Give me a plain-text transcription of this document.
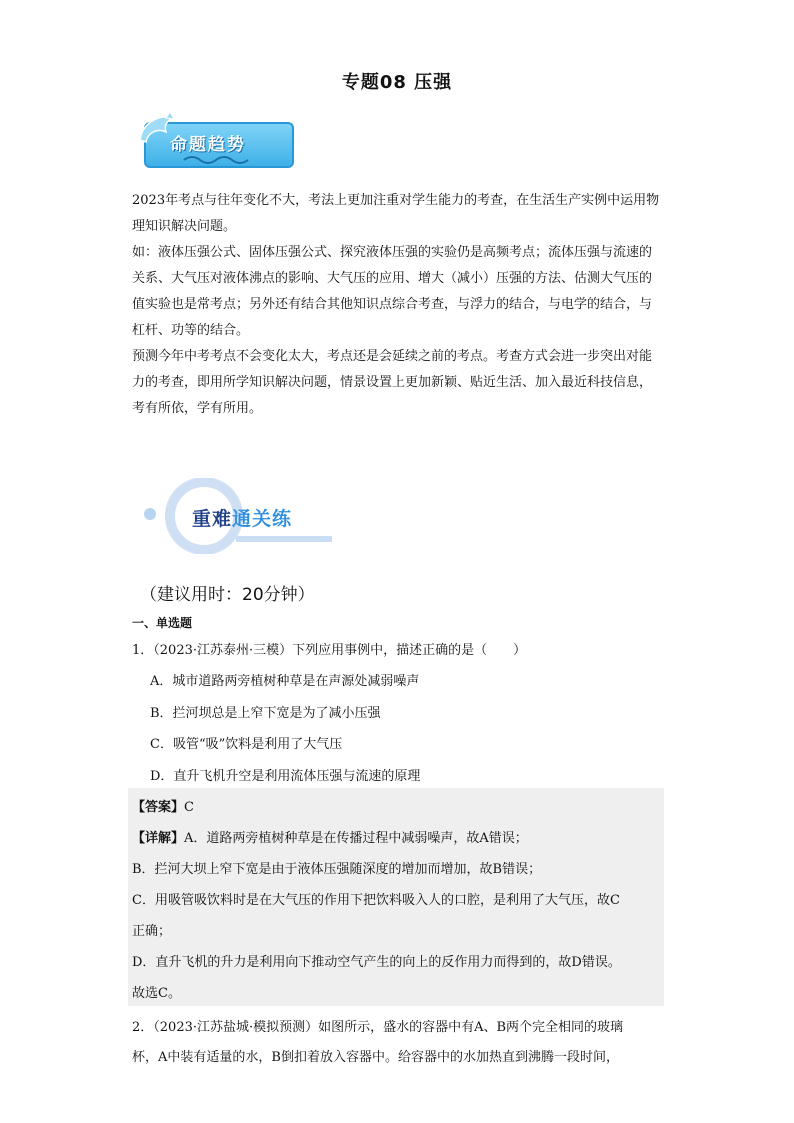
专题08 压强
命题趋势

2023年考点与往年变化不大，考法上更加注重对学生能力的考查，在生活生产实例中运用物理知识解决问题。

如：液体压强公式、固体压强公式、探究液体压强的实验仍是高频考点；流体压强与流速的关系、大气压对液体沸点的影响、大气压的应用、增大（减小）压强的方法、估测大气压的值实验也是常考点；另外还有结合其他知识点综合考查，与浮力的结合，与电学的结合，与杠杆、功等的结合。

预测今年中考考点不会变化太大，考点还是会延续之前的考点。考查方式会进一步突出对能力的考查，即用所学知识解决问题，情景设置上更加新颖、贴近生活、加入最近科技信息，考有所依，学有所用。

重难通关练
（建议用时：20分钟）
一、单选题
1．（2023·江苏泰州·三模）下列应用事例中，描述正确的是（　　）
A．城市道路两旁植树种草是在声源处减弱噪声
B．拦河坝总是上窄下宽是为了减小压强
C．吸管“吸”饮料是利用了大气压
D．直升飞机升空是利用流体压强与流速的原理
【答案】C
【详解】A．道路两旁植树种草是在传播过程中减弱噪声，故A错误；
B．拦河大坝上窄下宽是由于液体压强随深度的增加而增加，故B错误；
C．用吸管吸饮料时是在大气压的作用下把饮料吸入人的口腔，是利用了大气压，故C
正确；
D．直升飞机的升力是利用向下推动空气产生的向上的反作用力而得到的，故D错误。
故选C。
2．（2023·江苏盐城·模拟预测）如图所示，盛水的容器中有A、B两个完全相同的玻璃
杯，A中装有适量的水，B倒扣着放入容器中。给容器中的水加热直到沸腾一段时间，
